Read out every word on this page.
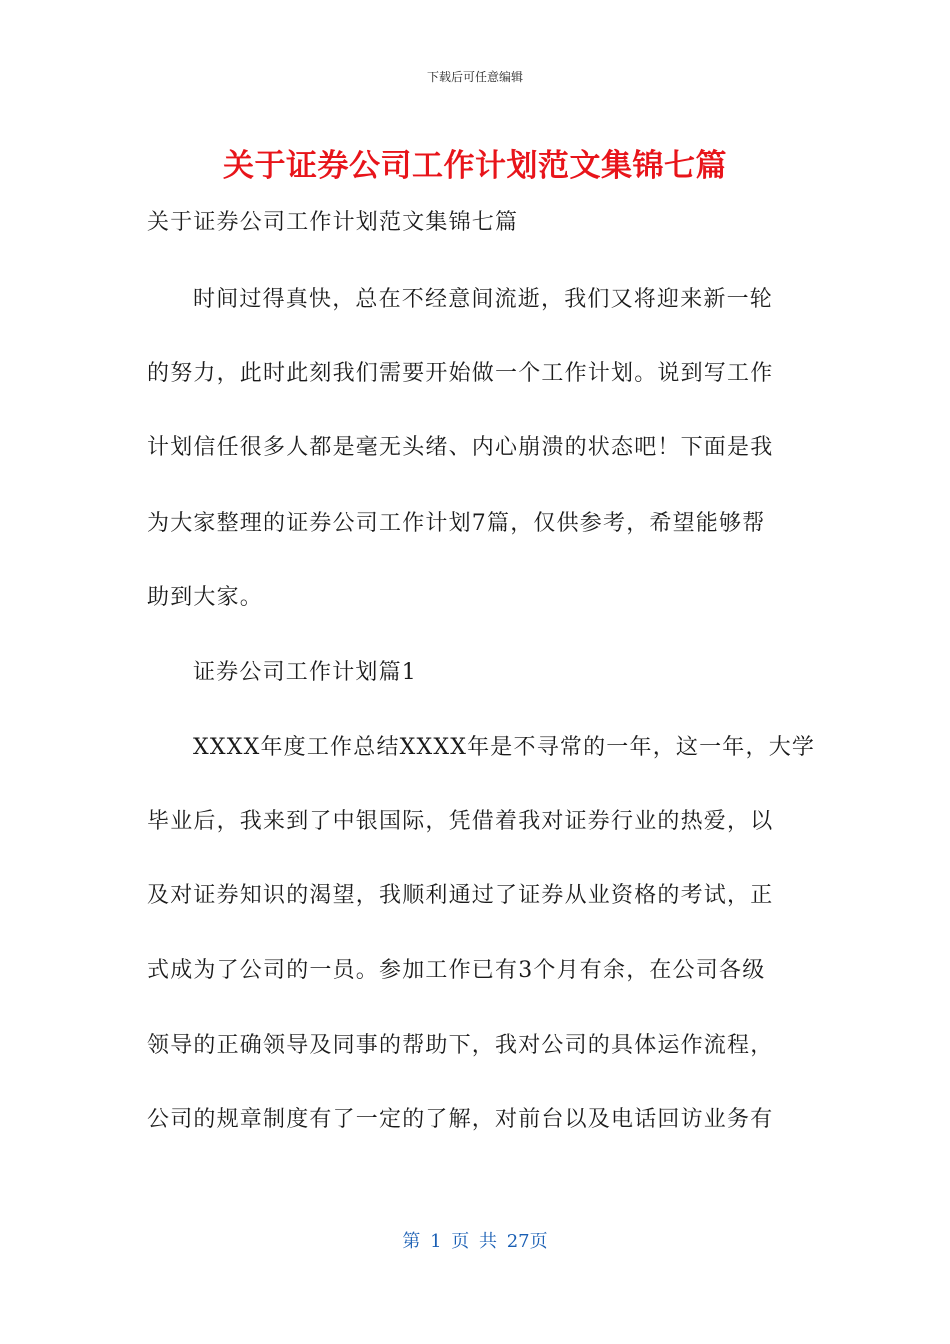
下载后可任意编辑
关于证券公司工作计划范文集锦七篇
关于证券公司工作计划范文集锦七篇
时间过得真快，总在不经意间流逝，我们又将迎来新一轮
的努力，此时此刻我们需要开始做一个工作计划。说到写工作
计划信任很多人都是毫无头绪、内心崩溃的状态吧！下面是我
为大家整理的证券公司工作计划7篇，仅供参考，希望能够帮
助到大家。
证券公司工作计划篇1
XXXX年度工作总结XXXX年是不寻常的一年，这一年，大学
毕业后，我来到了中银国际，凭借着我对证券行业的热爱，以
及对证券知识的渴望，我顺利通过了证券从业资格的考试，正
式成为了公司的一员。参加工作已有3个月有余，在公司各级
领导的正确领导及同事的帮助下，我对公司的具体运作流程，
公司的规章制度有了一定的了解，对前台以及电话回访业务有
第 1 页 共 27页
